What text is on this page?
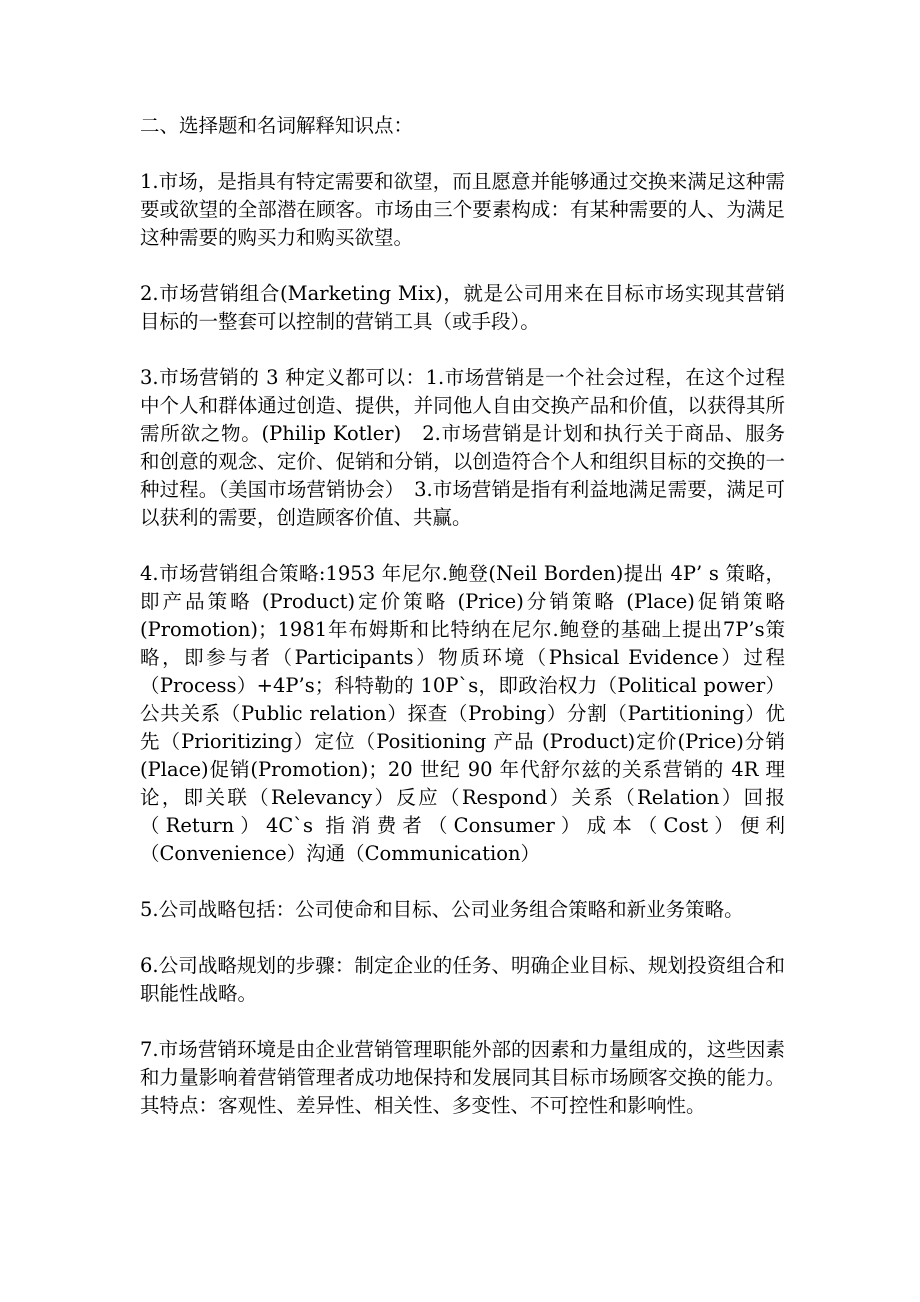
二、选择题和名词解释知识点：

1.市场，是指具有特定需要和欲望，而且愿意并能够通过交换来满足这种需要或欲望的全部潜在顾客。市场由三个要素构成：有某种需要的人、为满足这种需要的购买力和购买欲望。

2.市场营销组合(Marketing Mix)，就是公司用来在目标市场实现其营销目标的一整套可以控制的营销工具（或手段）。

3.市场营销的 3 种定义都可以：1.市场营销是一个社会过程，在这个过程中个人和群体通过创造、提供，并同他人自由交换产品和价值，以获得其所需所欲之物。(Philip Kotler)　2.市场营销是计划和执行关于商品、服务和创意的观念、定价、促销和分销，以创造符合个人和组织目标的交换的一种过程。（美国市场营销协会）　3.市场营销是指有利益地满足需要，满足可以获利的需要，创造顾客价值、共赢。

4.市场营销组合策略:1953 年尼尔.鲍登(Neil Borden)提出 4P’ s 策略，即产品策略 (Product)定价策略 (Price)分销策略 (Place)促销策略(Promotion)；1981年布姆斯和比特纳在尼尔.鲍登的基础上提出7P’s策略，即参与者（Participants）物质环境（Phsical Evidence）过程（Process）+4P’s；科特勒的 10P`s，即政治权力（Political power）公共关系（Public relation）探查（Probing）分割（Partitioning）优先（Prioritizing）定位（Positioning 产品 (Product)定价(Price)分销(Place)促销(Promotion)；20 世纪 90 年代舒尔兹的关系营销的 4R 理论，即关联（Relevancy）反应（Respond）关系（Relation）回报（Return）4C`s 指消费者（Consumer）成本（Cost）便利（Convenience）沟通（Communication）

5.公司战略包括：公司使命和目标、公司业务组合策略和新业务策略。

6.公司战略规划的步骤：制定企业的任务、明确企业目标、规划投资组合和职能性战略。

7.市场营销环境是由企业营销管理职能外部的因素和力量组成的，这些因素和力量影响着营销管理者成功地保持和发展同其目标市场顾客交换的能力。其特点：客观性、差异性、相关性、多变性、不可控性和影响性。
